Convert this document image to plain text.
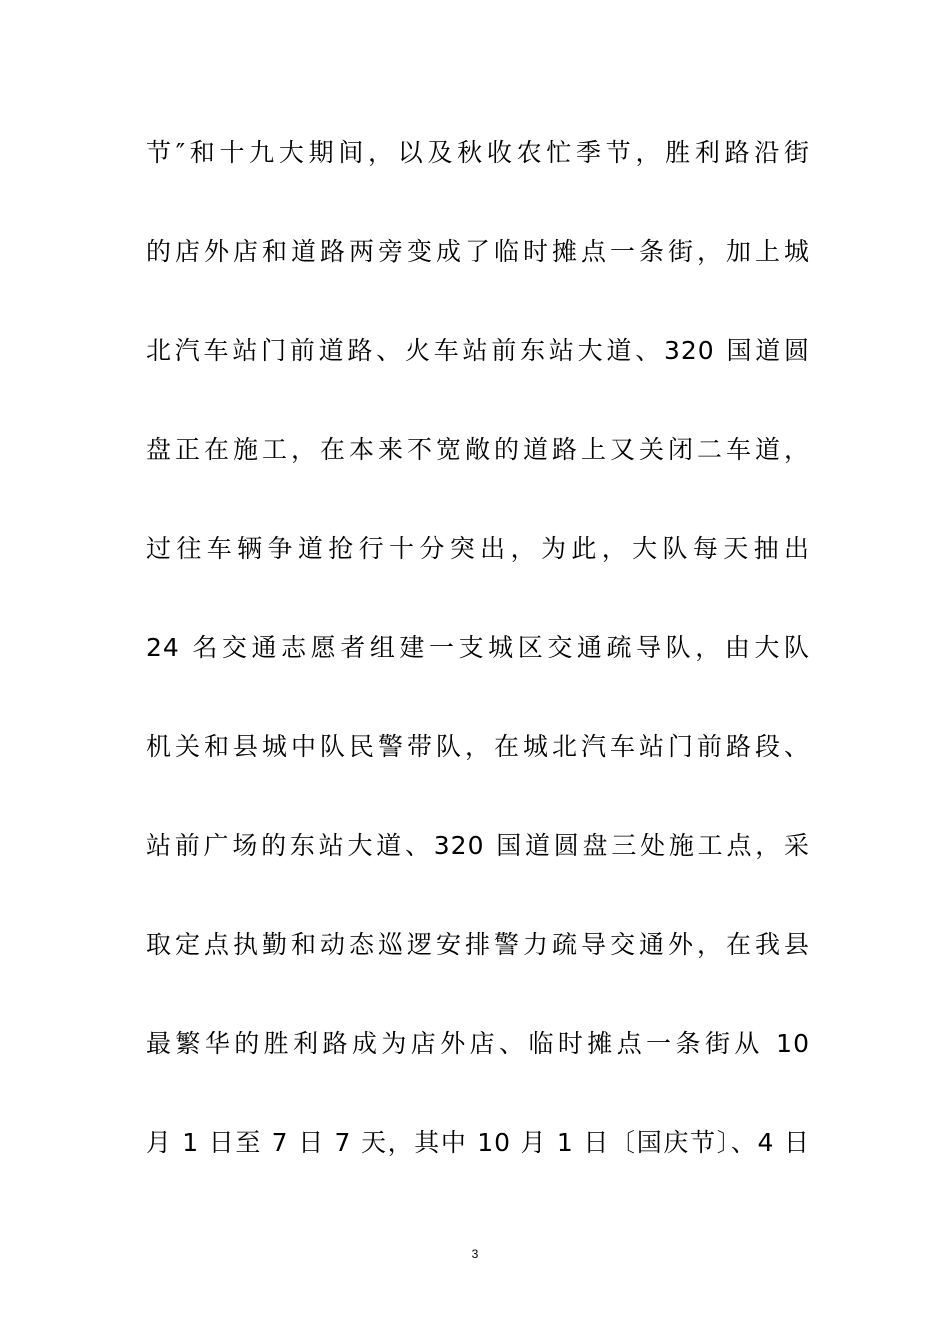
节″和十九大期间，以及秋收农忙季节，胜利路沿街
的店外店和道路两旁变成了临时摊点一条街，加上城
北汽车站门前道路、火车站前东站大道、320 国道圆
盘正在施工，在本来不宽敞的道路上又关闭二车道，
过往车辆争道抢行十分突出，为此，大队每天抽出
24 名交通志愿者组建一支城区交通疏导队，由大队
机关和县城中队民警带队，在城北汽车站门前路段、
站前广场的东站大道、320 国道圆盘三处施工点，采
取定点执勤和动态巡逻安排警力疏导交通外，在我县
最繁华的胜利路成为店外店、临时摊点一条街从 10
月 1 日至 7 日 7 天，其中 10 月 1 日〔国庆节〕、4 日
3
